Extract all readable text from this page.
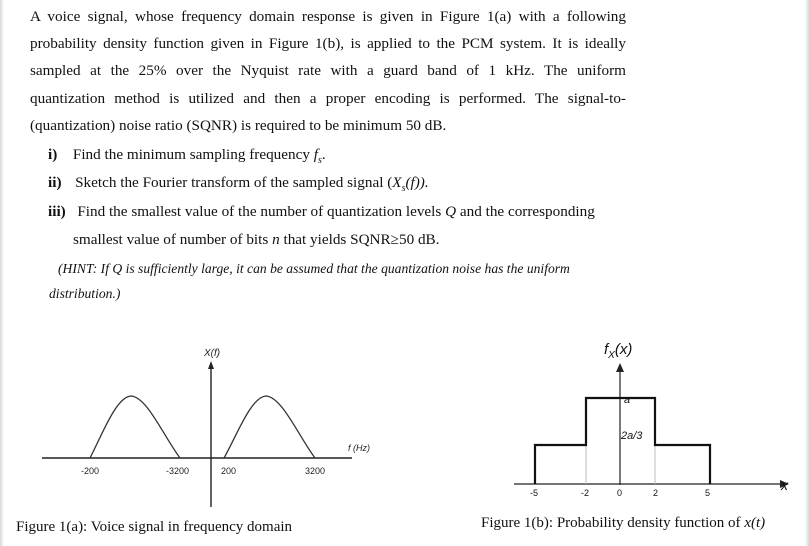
A voice signal, whose frequency domain response is given in Figure 1(a) with a following
probability density function given in Figure 1(b), is applied to the PCM system. It is ideally
sampled at the 25% over the Nyquist rate with a guard band of 1 kHz. The uniform
quantization method is utilized and then a proper encoding is performed. The signal-to-
(quantization) noise ratio (SQNR) is required to be minimum 50 dB.
i) Find the minimum sampling frequency $f_s$.
ii) Sketch the Fourier transform of the sampled signal $(X_s(f))$.
iii) Find the smallest value of the number of quantization levels Q and the corresponding
smallest value of number of bits n that yields SQNR≥50 dB.
(HINT: If Q is sufficiently large, it can be assumed that the quantization noise has the uniform
distribution.)
X(f)
f (Hz)
-200	-3200	200	3200
Figure 1(a): Voice signal in frequency domain
$f_X(x)$
x
a
2a/3
-5	-2	0	2	5
Figure 1(b): Probability density function of x(t)
